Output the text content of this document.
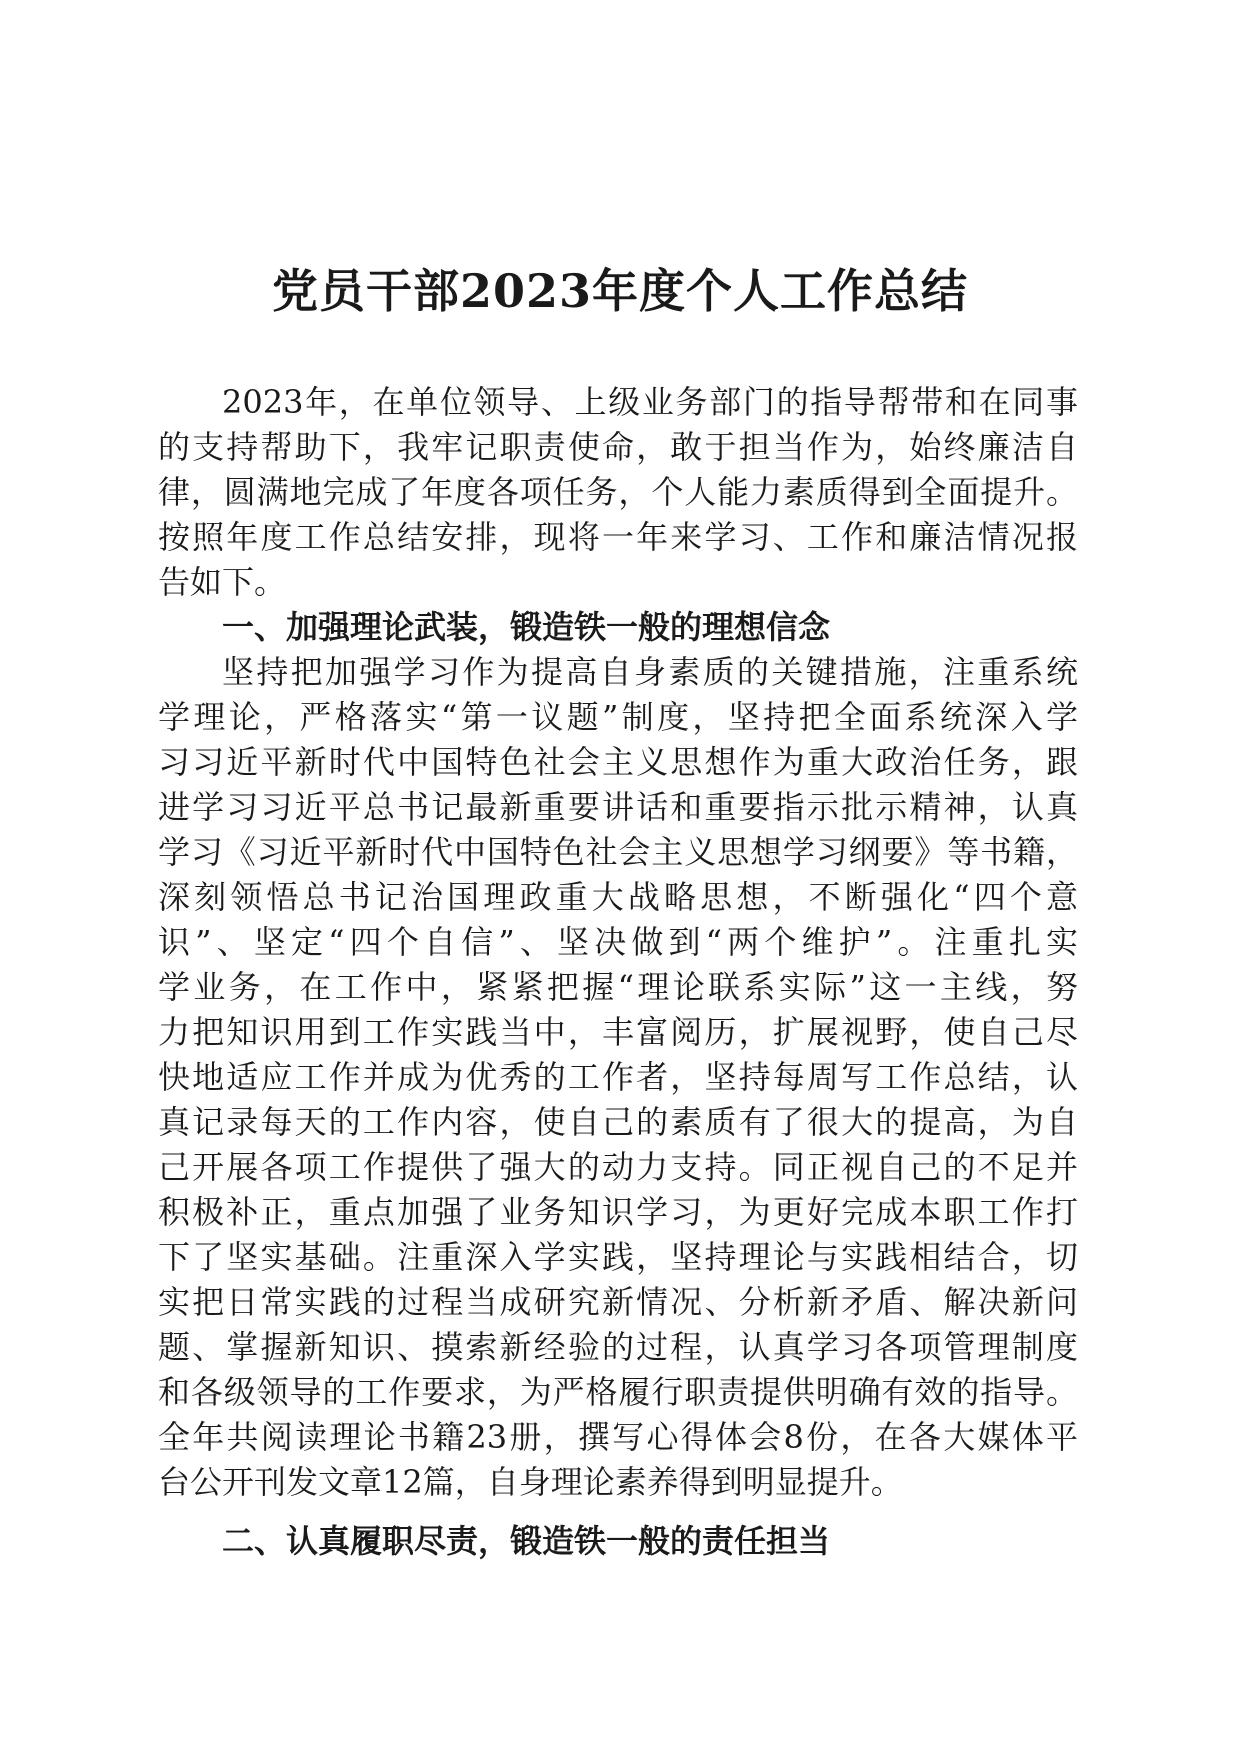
党员干部2023年度个人工作总结
2023年，在单位领导、上级业务部门的指导帮带和在同事
的支持帮助下，我牢记职责使命，敢于担当作为，始终廉洁自
律，圆满地完成了年度各项任务，个人能力素质得到全面提升。
按照年度工作总结安排，现将一年来学习、工作和廉洁情况报
告如下。
一、加强理论武装，锻造铁一般的理想信念
坚持把加强学习作为提高自身素质的关键措施，注重系统
学理论，严格落实“第一议题”制度，坚持把全面系统深入学
习习近平新时代中国特色社会主义思想作为重大政治任务，跟
进学习习近平总书记最新重要讲话和重要指示批示精神，认真
学习《习近平新时代中国特色社会主义思想学习纲要》等书籍，
深刻领悟总书记治国理政重大战略思想，不断强化“四个意
识”、坚定“四个自信”、坚决做到“两个维护”。注重扎实
学业务，在工作中，紧紧把握“理论联系实际”这一主线，努
力把知识用到工作实践当中，丰富阅历，扩展视野，使自己尽
快地适应工作并成为优秀的工作者，坚持每周写工作总结，认
真记录每天的工作内容，使自己的素质有了很大的提高，为自
己开展各项工作提供了强大的动力支持。同正视自己的不足并
积极补正，重点加强了业务知识学习，为更好完成本职工作打
下了坚实基础。注重深入学实践，坚持理论与实践相结合，切
实把日常实践的过程当成研究新情况、分析新矛盾、解决新问
题、掌握新知识、摸索新经验的过程，认真学习各项管理制度
和各级领导的工作要求，为严格履行职责提供明确有效的指导。
全年共阅读理论书籍23册，撰写心得体会8份，在各大媒体平
台公开刊发文章12篇，自身理论素养得到明显提升。
二、认真履职尽责，锻造铁一般的责任担当
